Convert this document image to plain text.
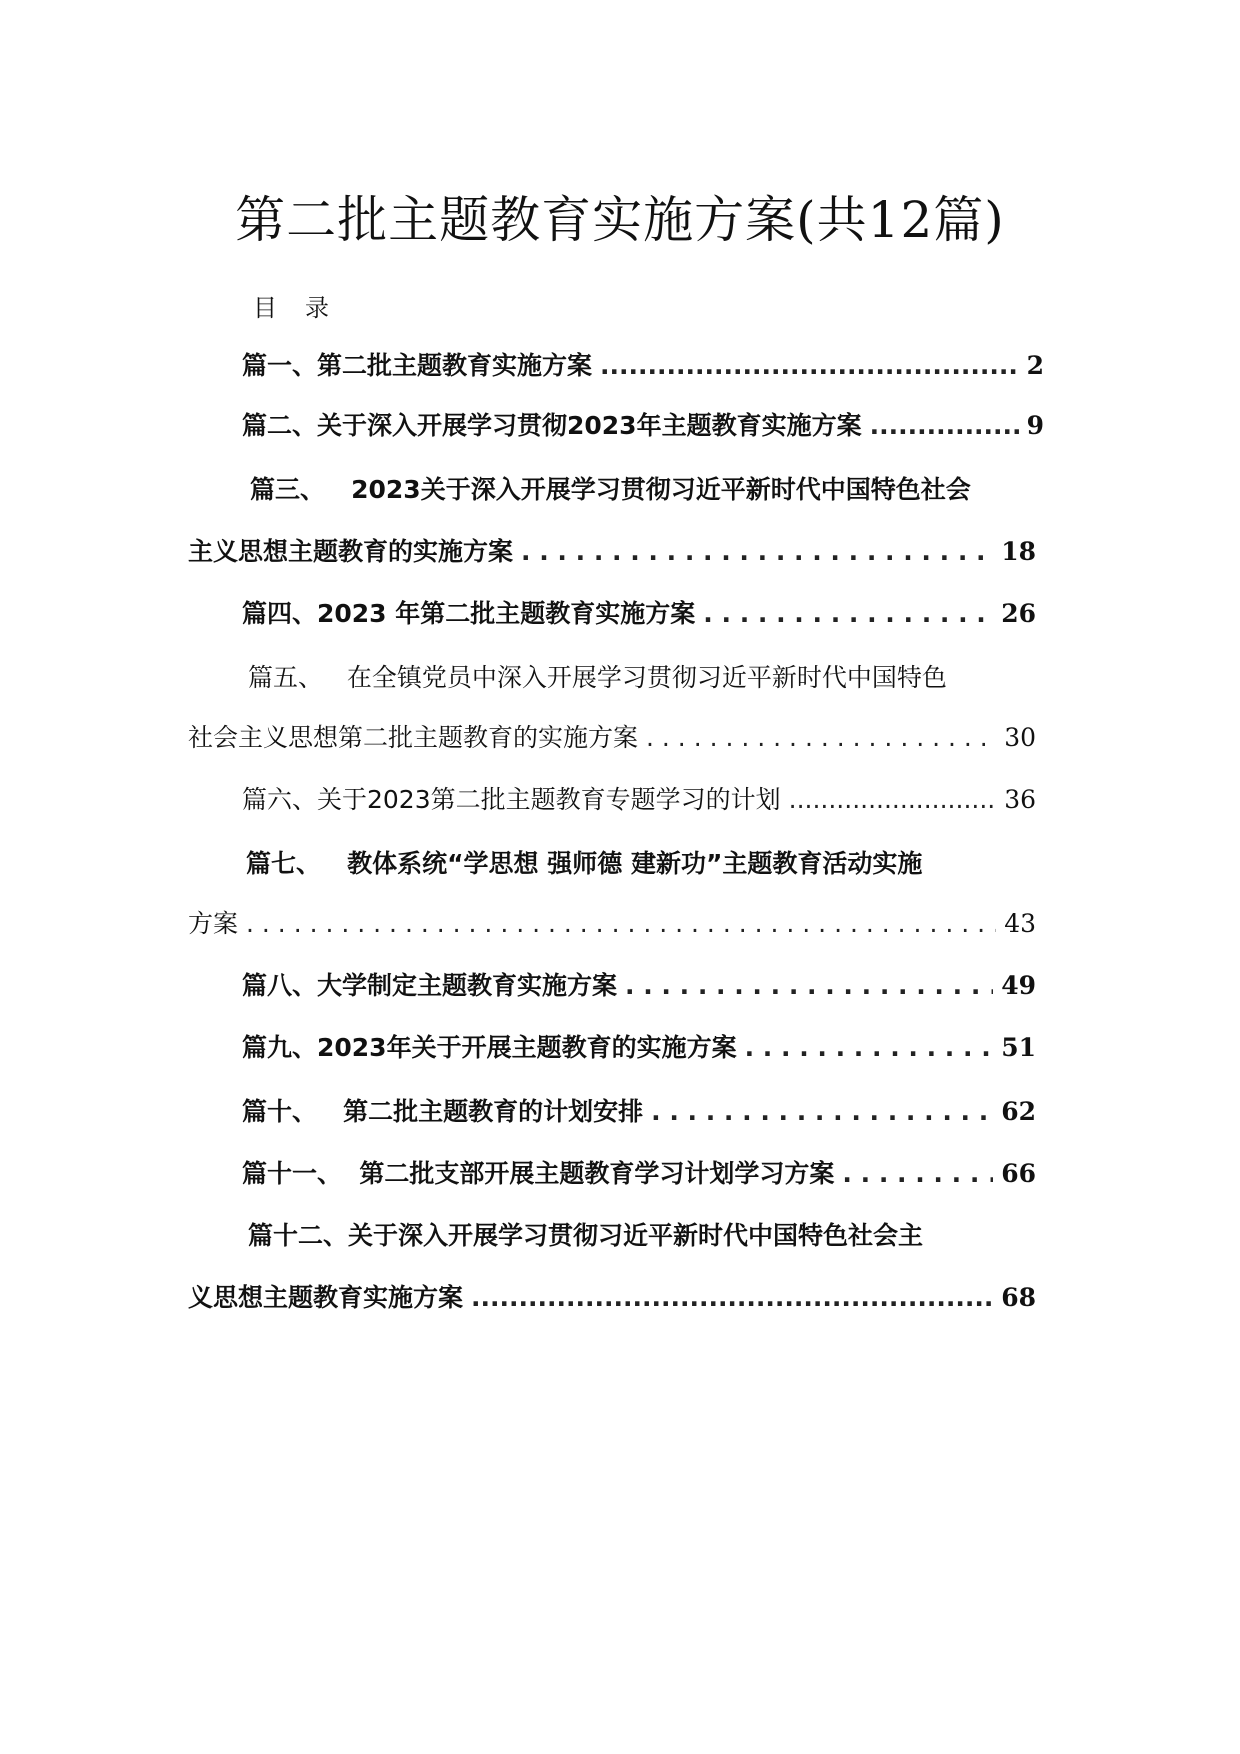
第二批主题教育实施方案(共12篇)
目录
篇一、第二批主题教育实施方案 .....	2
篇二、关于深入开展学习贯彻2023年主题教育实施方案 .....	9
篇三、   2023关于深入开展学习贯彻习近平新时代中国特色社会
主义思想主题教育的实施方案 . . .	18
篇四、2023 年第二批主题教育实施方案 . . .	26
篇五、   在全镇党员中深入开展学习贯彻习近平新时代中国特色
社会主义思想第二批主题教育的实施方案 . . .	30
篇六、关于2023第二批主题教育专题学习的计划 .....	36
篇七、   教体系统“学思想 强师德 建新功”主题教育活动实施
方案 . . .	43
篇八、大学制定主题教育实施方案 . . .	49
篇九、2023年关于开展主题教育的实施方案 . . .	51
篇十、   第二批主题教育的计划安排 . . .	62
篇十一、  第二批支部开展主题教育学习计划学习方案 . . .	66
篇十二、关于深入开展学习贯彻习近平新时代中国特色社会主
义思想主题教育实施方案 .....	68
